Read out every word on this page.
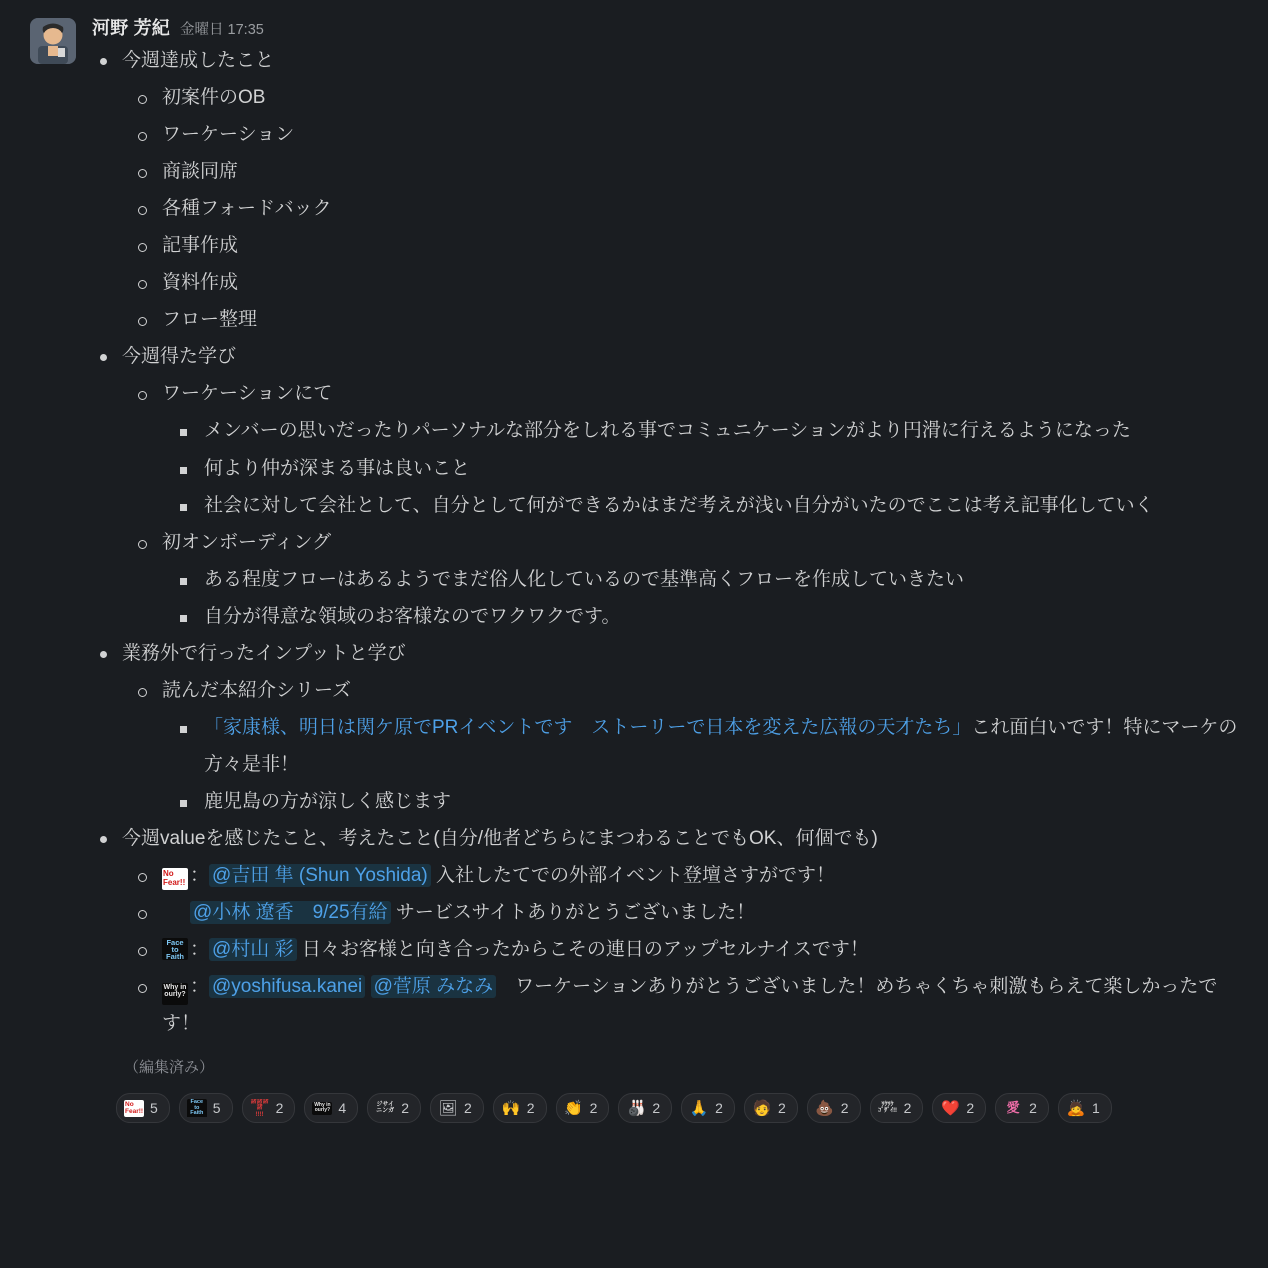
河野 芳紀 金曜日 17:35
今週達成したこと
初案件のOB
ワーケーション
商談同席
各種フォードバック
記事作成
資料作成
フロー整理
今週得た学び
ワーケーションにて
メンバーの思いだったりパーソナルな部分をしれる事でコミュニケーションがより円滑に行えるようになった
何より仲が深まる事は良いこと
社会に対して会社として、自分として何ができるかはまだ考えが浅い自分がいたのでここは考え記事化していく
初オンボーディング
ある程度フローはあるようでまだ俗人化しているので基準高くフローを作成していきたい
自分が得意な領域のお客様なのでワクワクです。
業務外で行ったインプットと学び
読んだ本紹介シリーズ
「家康様、明日は関ケ原でPRイベントです　ストーリーで日本を変えた広報の天才たち」これ面白いです！特にマーケの方々是非！
鹿児島の方が涼しく感じます
今週valueを感じたこと、考えたこと(自分/他者どちらにまつわることでもOK、何個でも)
No
Fear!! ： @吉田 隼 (Shun Yoshida) 入社したてでの外部イベント登壇さすがです！
@小林 遼香　9/25有給 サービスサイトありがとうございました！
Face
to
Faith ： @村山 彩 日々お客様と向き合ったからこその連日のアップセルナイスです！
Why in
ourly? ： @yoshifusa.kanei @菅原 みなみ　ワーケーションありがとうございました！めちゃくちゃ刺激もらえて楽しかったです！
（編集済み）
No
Fear!! 5	Face
to
Faith 5	諸諸諸諸
!!!! 2	Why in
ourly? 4	ジサイ
ニンガ 2 🖼 2 🙌 2 👏 2 🎳 2 🙏 2 🧑 2 💩 2	ﾜｸﾜｸ
ｺﾞｻﾞｲ!! 2 ❤️ 2 愛 2 🙇 1
